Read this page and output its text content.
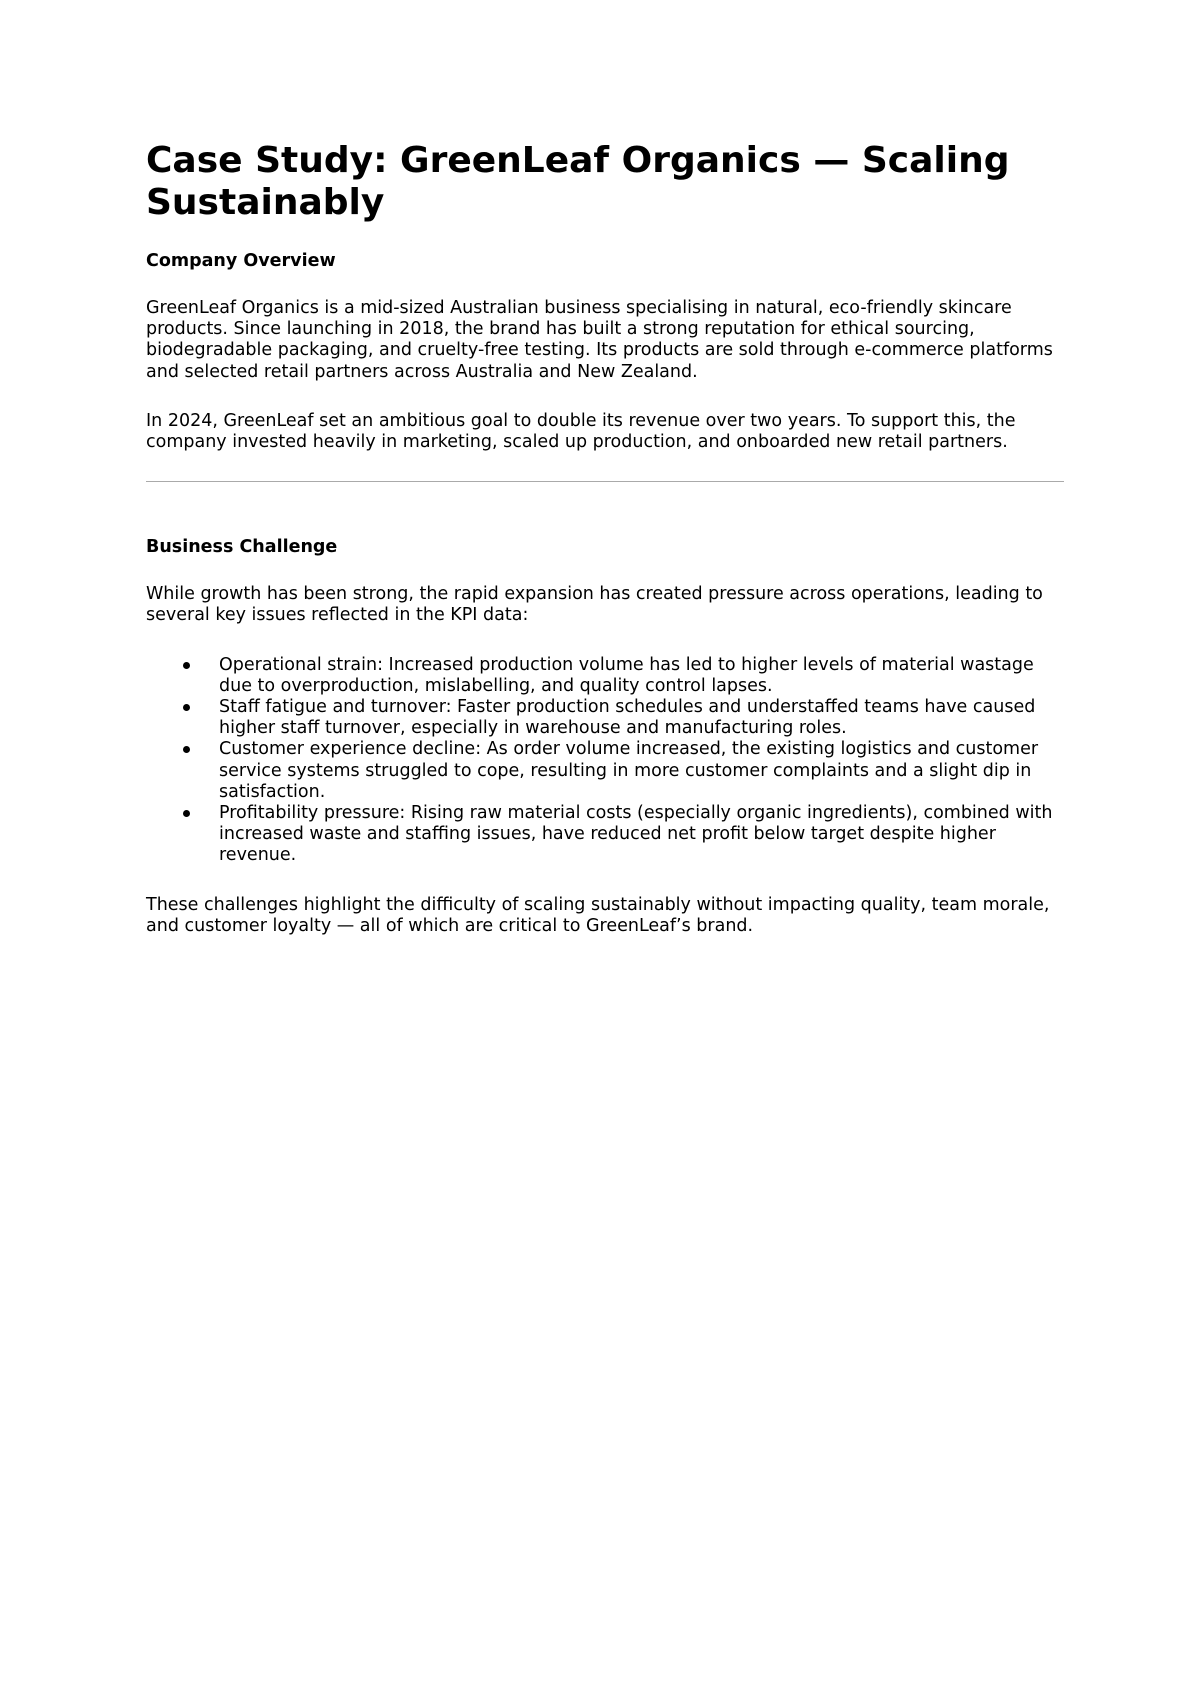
Case Study: GreenLeaf Organics — Scaling Sustainably
Company Overview

GreenLeaf Organics is a mid-sized Australian business specialising in natural, eco-friendly skincare products. Since launching in 2018, the brand has built a strong reputation for ethical sourcing, biodegradable packaging, and cruelty-free testing. Its products are sold through e-commerce platforms and selected retail partners across Australia and New Zealand.

In 2024, GreenLeaf set an ambitious goal to double its revenue over two years. To support this, the company invested heavily in marketing, scaled up production, and onboarded new retail partners.

Business Challenge

While growth has been strong, the rapid expansion has created pressure across operations, leading to several key issues reflected in the KPI data:

Operational strain: Increased production volume has led to higher levels of material wastage due to overproduction, mislabelling, and quality control lapses.
Staff fatigue and turnover: Faster production schedules and understaffed teams have caused higher staff turnover, especially in warehouse and manufacturing roles.
Customer experience decline: As order volume increased, the existing logistics and customer service systems struggled to cope, resulting in more customer complaints and a slight dip in satisfaction.
Profitability pressure: Rising raw material costs (especially organic ingredients), combined with increased waste and staffing issues, have reduced net profit below target despite higher revenue.

These challenges highlight the difficulty of scaling sustainably without impacting quality, team morale, and customer loyalty — all of which are critical to GreenLeaf’s brand.
